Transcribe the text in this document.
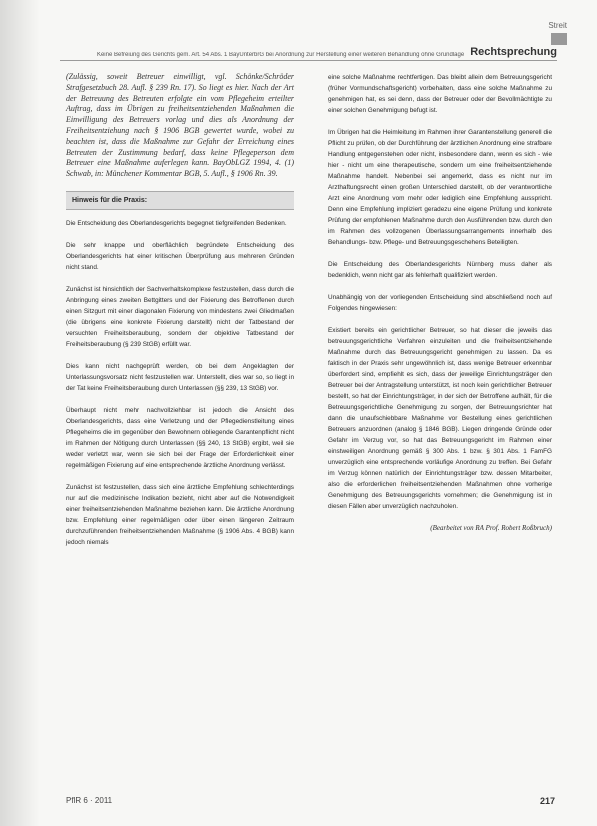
Streit
Keine Befreiung des Gerichts gem. Art. 54 Abs. 1 BayUnterbrG bei Anordnung zur Herstellung einer weiteren Behandlung ohne Grundlage Rechtsprechung

(Zulässig, soweit Betreuer einwilligt, vgl. Schönke/Schröder Strafgesetzbuch 28. Aufl. § 239 Rn. 17). So liegt es hier. Nach der Art der Betreuung des Betreuten erfolgte ein vom Pflegeheim erteilter Auftrag, dass im Übrigen zu freiheitsentziehenden Maßnahmen die Einwilligung des Betreuers vorlag und dies als Anordnung der Freiheitsentziehung nach § 1906 BGB gewertet wurde, wobei zu beachten ist, dass die Maßnahme zur Gefahr der Erreichung eines Betreuten der Zustimmung bedarf, dass keine Pflegeperson dem Betreuer eine Maßnahme auferlegen kann. BayObLGZ 1994, 4. (1) Schwab, in: Münchener Kommentar BGB, 5. Aufl., § 1906 Rn. 39.

Hinweis für die Praxis:

Die Entscheidung des Oberlandesgerichts begegnet tiefgreifenden Bedenken.

Die sehr knappe und oberflächlich begründete Entscheidung des Oberlandesgerichts hat einer kritischen Überprüfung aus mehreren Gründen nicht stand.

Zunächst ist hinsichtlich der Sachverhaltskomplexe festzustellen, dass durch die Anbringung eines zweiten Bettgitters und der Fixierung des Betroffenen durch einen Sitzgurt mit einer diagonalen Fixierung von mindestens zwei Gliedmaßen (die übrigens eine konkrete Fixierung darstellt) nicht der Tatbestand der versuchten Freiheitsberaubung, sondern der objektive Tatbestand der Freiheitsberaubung (§ 239 StGB) erfüllt war.

Dies kann nicht nachgeprüft werden, ob bei dem Angeklagten der Unterlassungsvorsatz nicht festzustellen war. Unterstellt, dies war so, so liegt in der Tat keine Freiheitsberaubung durch Unterlassen (§§ 239, 13 StGB) vor.

Überhaupt nicht mehr nachvollziehbar ist jedoch die Ansicht des Oberlandesgerichts, dass eine Verletzung und der Pflegedienstleitung eines Pflegeheims die im gegenüber den Bewohnern obliegende Garantenpflicht nicht im Rahmen der Nötigung durch Unterlassen (§§ 240, 13 StGB) ergibt, weil sie weder verletzt war, wenn sie sich bei der Frage der Erforderlichkeit einer regelmäßigen Fixierung auf eine entsprechende ärztliche Anordnung verlässt.

Zunächst ist festzustellen, dass sich eine ärztliche Empfehlung schlechterdings nur auf die medizinische Indikation bezieht, nicht aber auf die Notwendigkeit einer freiheitsentziehenden Maßnahme beziehen kann. Die ärztliche Anordnung bzw. Empfehlung einer regelmäßigen oder über einen längeren Zeitraum durchzuführenden freiheitsentziehenden Maßnahme (§ 1906 Abs. 4 BGB) kann jedoch niemals

eine solche Maßnahme rechtfertigen. Das bleibt allein dem Betreuungsgericht (früher Vormundschaftsgericht) vorbehalten, dass eine solche Maßnahme zu genehmigen hat, es sei denn, dass der Betreuer oder der Bevollmächtigte zu einer solchen Genehmigung befugt ist.

Im Übrigen hat die Heimleitung im Rahmen ihrer Garantenstellung generell die Pflicht zu prüfen, ob der Durchführung der ärztlichen Anordnung eine strafbare Handlung entgegenstehen oder nicht, insbesondere dann, wenn es sich - wie hier - nicht um eine therapeutische, sondern um eine freiheitsentziehende Maßnahme handelt. Nebenbei sei angemerkt, dass es nicht nur im Arzthaftungsrecht einen großen Unterschied darstellt, ob der verantwortliche Arzt eine Anordnung vom mehr oder lediglich eine Empfehlung ausspricht. Denn eine Empfehlung impliziert geradezu eine eigene Prüfung und konkrete Prüfung der empfohlenen Maßnahme durch den Ausführenden bzw. durch den im Rahmen des vollzogenen Überlassungsarrangements innerhalb des Behandlungs- bzw. Pflege- und Betreuungsgeschehens Beteiligten.

Die Entscheidung des Oberlandesgerichts Nürnberg muss daher als bedenklich, wenn nicht gar als fehlerhaft qualifiziert werden.

Unabhängig von der vorliegenden Entscheidung sind abschließend noch auf Folgendes hingewiesen:

Existiert bereits ein gerichtlicher Betreuer, so hat dieser die jeweils das betreuungsgerichtliche Verfahren einzuleiten und die freiheitsentziehende Maßnahme durch das Betreuungsgericht genehmigen zu lassen. Da es faktisch in der Praxis sehr ungewöhnlich ist, dass wenige Betreuer erkennbar überfordert sind, empfiehlt es sich, dass der jeweilige Einrichtungsträger den Betreuer bei der Antragstellung unterstützt, ist noch kein gerichtlicher Betreuer bestellt, so hat der Einrichtungsträger, in der sich der Betroffene aufhält, für die Betreuungsgerichtliche Genehmigung zu sorgen, der Betreuungsrichter hat dann die unaufschiebbare Maßnahme vor Bestellung eines gerichtlichen Betreuers anzuordnen (analog § 1846 BGB). Liegen dringende Gründe oder Gefahr im Verzug vor, so hat das Betreuungsgericht im Rahmen einer einstweiligen Anordnung gemäß § 300 Abs. 1 bzw. § 301 Abs. 1 FamFG unverzüglich eine entsprechende vorläufige Anordnung zu treffen. Bei Gefahr im Verzug können natürlich der Einrichtungsträger bzw. dessen Mitarbeiter, also die erforderlichen freiheitsentziehenden Maßnahmen ohne vorherige Genehmigung des Betreuungsgerichts vornehmen; die Genehmigung ist in diesen Fällen aber unverzüglich nachzuholen.

(Bearbeitet von RA Prof. Robert Roßbruch)
PflR 6 · 2011	217
